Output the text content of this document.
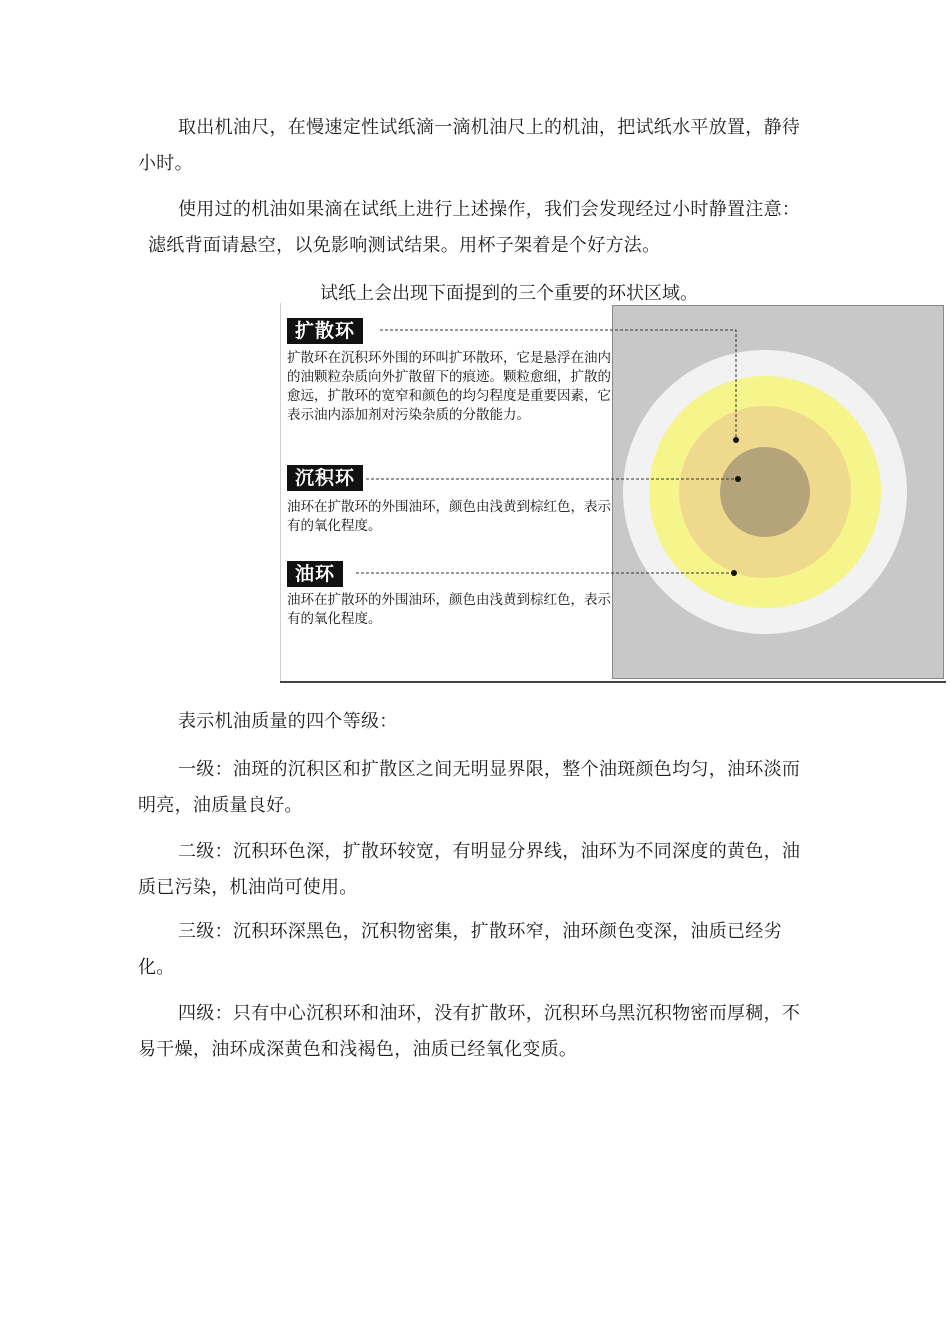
取出机油尺，在慢速定性试纸滴一滴机油尺上的机油，把试纸水平放置，静待小时。

使用过的机油如果滴在试纸上进行上述操作，我们会发现经过小时静置注意：

滤纸背面请悬空，以免影响测试结果。用杯子架着是个好方法。

试纸上会出现下面提到的三个重要的环状区域。
扩散环

扩散环在沉积环外围的环叫扩环散环，它是悬浮在油内的油颗粒杂质向外扩散留下的痕迹。颗粒愈细，扩散的愈远，扩散环的宽窄和颜色的均匀程度是重要因素，它表示油内添加剂对污染杂质的分散能力。

沉积环

油环在扩散环的外围油环，颜色由浅黄到棕红色，表示有的氧化程度。

油环

油环在扩散环的外围油环，颜色由浅黄到棕红色，表示有的氧化程度。

表示机油质量的四个等级：

一级：油斑的沉积区和扩散区之间无明显界限，整个油斑颜色均匀，油环淡而明亮，油质量良好。

二级：沉积环色深，扩散环较宽，有明显分界线，油环为不同深度的黄色，油质已污染，机油尚可使用。

三级：沉积环深黑色，沉积物密集，扩散环窄，油环颜色变深，油质已经劣化。

四级：只有中心沉积环和油环，没有扩散环，沉积环乌黑沉积物密而厚稠，不易干燥，油环成深黄色和浅褐色，油质已经氧化变质。
